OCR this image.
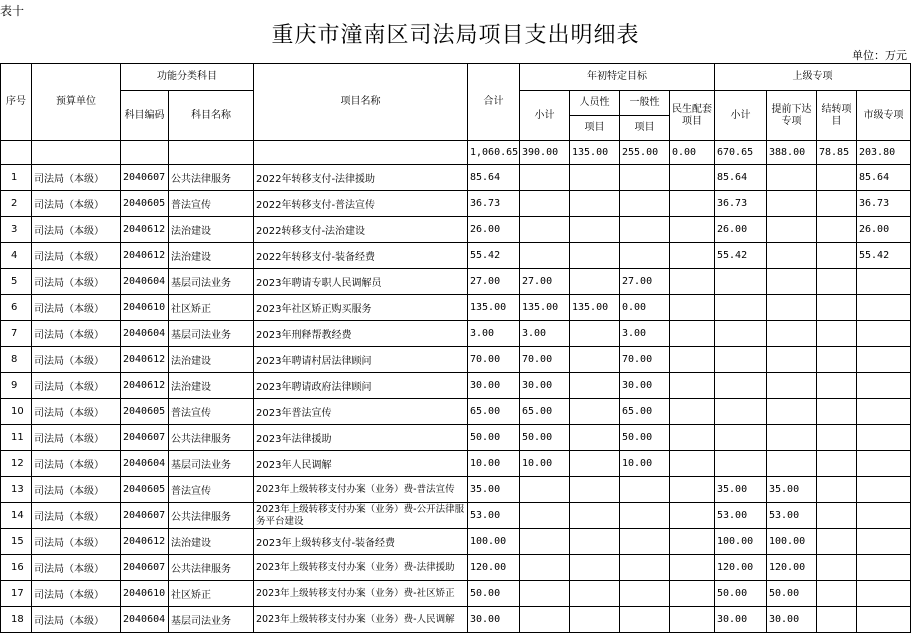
表十
重庆市潼南区司法局项目支出明细表
单位：万元
序号	预算单位	功能分类科目		项目名称	合计	年初特定目标				上级专项			
		科目编码	科目名称			小计	人员性	一般性	民生配套项目	小计	提前下达专项	结转项目	市级专项
							项目	项目					
					1,060.65	390.00	135.00	255.00	0.00	670.65	388.00	78.85	203.80
1	司法局（本级）	2040607	公共法律服务	2022年转移支付-法律援助	85.64					85.64			85.64
2	司法局（本级）	2040605	普法宣传	2022年转移支付-普法宣传	36.73					36.73			36.73
3	司法局（本级）	2040612	法治建设	2022转移支付-法治建设	26.00					26.00			26.00
4	司法局（本级）	2040612	法治建设	2022年转移支付-装备经费	55.42					55.42			55.42
5	司法局（本级）	2040604	基层司法业务	2023年聘请专职人民调解员	27.00	27.00		27.00					
6	司法局（本级）	2040610	社区矫正	2023年社区矫正购买服务	135.00	135.00	135.00	0.00					
7	司法局（本级）	2040604	基层司法业务	2023年刑释帮教经费	3.00	3.00		3.00					
8	司法局（本级）	2040612	法治建设	2023年聘请村居法律顾问	70.00	70.00		70.00					
9	司法局（本级）	2040612	法治建设	2023年聘请政府法律顾问	30.00	30.00		30.00					
10	司法局（本级）	2040605	普法宣传	2023年普法宣传	65.00	65.00		65.00					
11	司法局（本级）	2040607	公共法律服务	2023年法律援助	50.00	50.00		50.00					
12	司法局（本级）	2040604	基层司法业务	2023年人民调解	10.00	10.00		10.00					
13	司法局（本级）	2040605	普法宣传	2023年上级转移支付办案（业务）费-普法宣传	35.00					35.00	35.00		
14	司法局（本级）	2040607	公共法律服务	2023年上级转移支付办案（业务）费-公开法律服务平台建设	53.00					53.00	53.00		
15	司法局（本级）	2040612	法治建设	2023年上级转移支付-装备经费	100.00					100.00	100.00		
16	司法局（本级）	2040607	公共法律服务	2023年上级转移支付办案（业务）费-法律援助	120.00					120.00	120.00		
17	司法局（本级）	2040610	社区矫正	2023年上级转移支付办案（业务）费-社区矫正	50.00					50.00	50.00		
18	司法局（本级）	2040604	基层司法业务	2023年上级转移支付办案（业务）费-人民调解	30.00					30.00	30.00		
